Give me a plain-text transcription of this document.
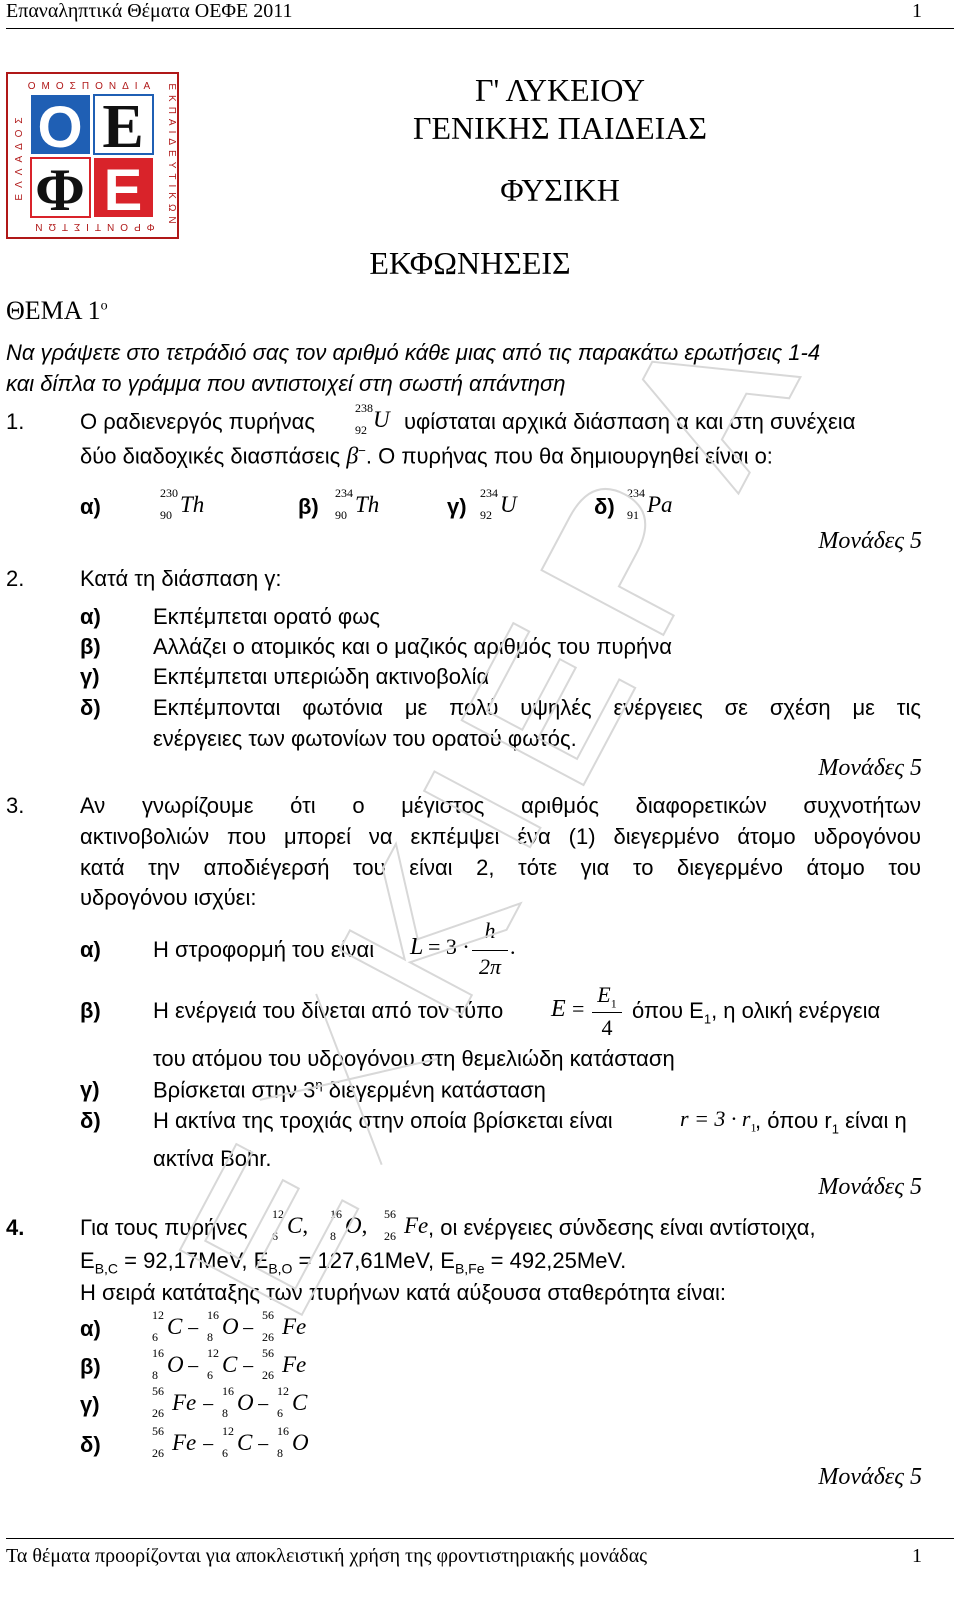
Επαναληπτικά Θέματα ΟΕΦΕ 2011	1
ΟΜΟΣΠΟΝΔΙΑ
ΦΡΟΝΤΙΣΤΩΝ ΕΚΠΑΙΔΕΥΤΙΚΩΝ
ΕΛΛΑΔΟΣ Ο Ε
Φ Ε
Γ' ΛΥΚΕΙΟΥ
ΓΕΝΙΚΗΣ ΠΑΙΔΕΙΑΣ
ΦΥΣΙΚΗ
ΕΚΦΩΝΗΣΕΙΣ
ΘΕΜΑ $1^o$
Να γράψετε στο τετράδιό σας τον αριθμό κάθε μιας από τις παρακάτω ερωτήσεις 1-4
και δίπλα το γράμμα που αντιστοιχεί στη σωστή απάντηση
1.	Ο ραδιενεργός πυρήνας
238
92 U υφίσταται αρχικά διάσπαση α και στη συνέχεια
δύο διαδοχικές διασπάσεις β−. Ο πυρήνας που θα δημιουργηθεί είναι ο:
α)
230
90 Th	β)
234
90 Th	γ)
234
92 U	δ)
234
91 Pa
Μονάδες 5
2.	Κατά τη διάσπαση γ:
α) Εκπέμπεται ορατό φως
β) Αλλάζει ο ατομικός και ο μαζικός αριθμός του πυρήνα
γ) Εκπέμπεται υπεριώδη ακτινοβολία
δ) Εκπέμπονται φωτόνια με πολύ υψηλές ενέργειες σε σχέση με τις
ενέργειες των φωτονίων του ορατού φωτός.
Μονάδες 5
3.	Αν γνωρίζουμε ότι ο μέγιστος αριθμός διαφορετικών συχνοτήτων
ακτινοβολιών που μπορεί να εκπέμψει ένα (1) διεγερμένο άτομο υδρογόνου
κατά την αποδιέγερσή του είναι 2, τότε για το διεγερμένο άτομο του
υδρογόνου ισχύει:
α) Η στροφορμή του είναι L = 3 ·
h
2π
.
β) Η ενέργειά του δίνεται από τον τύπο E =
$E_1$
4
όπου $E_1$, η ολική ενέργεια
του ατόμου του υδρογόνου στη θεμελιώδη κατάσταση
γ) Βρίσκεται στην $3^\eta$ διεγερμένη κατάσταση
δ) Η ακτίνα της τροχιάς στην οποία βρίσκεται είναι	$r = 3 \cdot r_1$
, όπου $r_1$ είναι η
ακτίνα Bohr.
Μονάδες 5
4.	Για τους πυρήνες
12
6 C, 16
8 O, 56
26 Fe , οι ενέργειες σύνδεσης είναι αντίστοιχα,
$E_{B,C} = 92,17MeV$, $E_{B,O} = 127,61MeV$, $E_{B,Fe} = 492,25MeV$.
Η σειρά κατάταξης των πυρήνων κατά αύξουσα σταθερότητα είναι:
α)
12
6 C −
16
8 O −
56
26 Fe
β)
16
8 O −
12
6 C −
56
26 Fe
γ)
56
26 Fe −
16
8 O −
12
6 C
δ)
56
26 Fe −
12
6 C −
16
8 O
Μονάδες 5
Τα θέματα προορίζονται για αποκλειστική χρήση της φροντιστηριακής μονάδας	1
